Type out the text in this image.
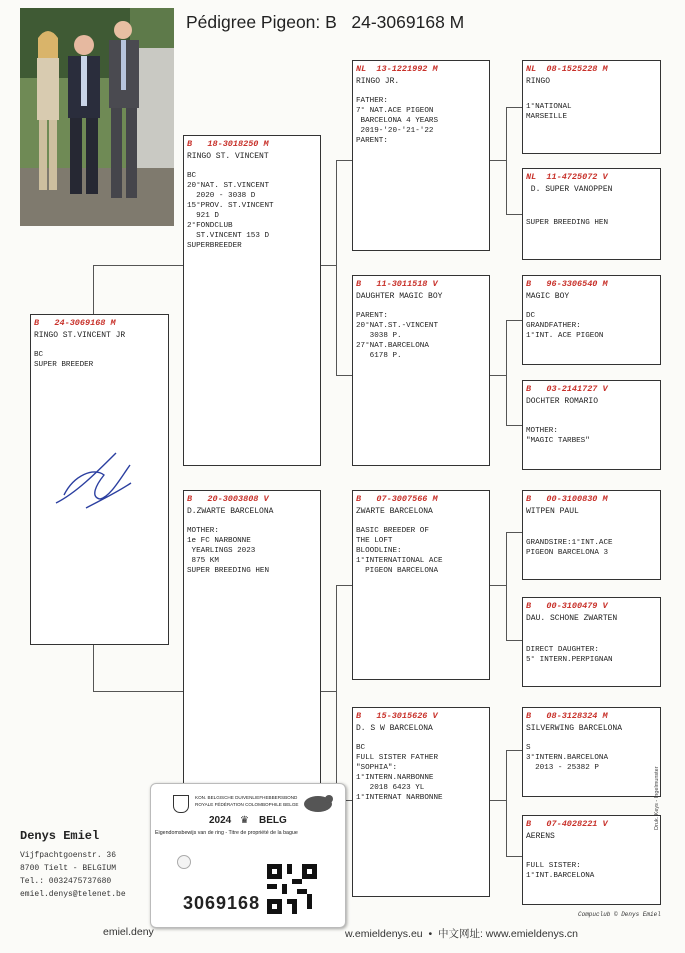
Pédigree Pigeon: B   24-3069168 M
B   24-3069168 M
RINGO ST.VINCENT JR
BC
SUPER BREEDER
B   18-3018250 M
RINGO ST. VINCENT
BC
20°NAT. ST.VINCENT
2020 - 3038 D
15°PROV. ST.VINCENT
921 D
2°FONDCLUB
ST.VINCENT 153 D
SUPERBREEDER
B   20-3003808 V
D.ZWARTE BARCELONA
MOTHER:
1e FC NARBONNE
YEARLINGS 2023
875 KM
SUPER BREEDING HEN
NL  13-1221992 M
RINGO JR.
FATHER:
7° NAT.ACE PIGEON
BARCELONA 4 YEARS
2019-'20-'21-'22
PARENT:
B   11-3011518 V
DAUGHTER MAGIC BOY
PARENT:
20°NAT.ST.-VINCENT
3038 P.
27°NAT.BARCELONA
6178 P.
B   07-3007566 M
ZWARTE BARCELONA
BASIC BREEDER OF
THE LOFT
BLOODLINE:
1°INTERNATIONAL ACE
PIGEON BARCELONA
B   15-3015626 V
D. S W BARCELONA
BC
FULL SISTER FATHER
"SOPHIA":
1°INTERN.NARBONNE
2018 6423 YL
1°INTERNAT NARBONNE
NL  08-1525228 M
RINGO
1°NATIONAL
MARSEILLE
NL  11-4725072 V
D. SUPER VANOPPEN
SUPER BREEDING HEN
B   96-3306540 M
MAGIC BOY
DC
GRANDFATHER:
1°INT. ACE PIGEON
B   03-2141727 V
DOCHTER ROMARIO
MOTHER:
"MAGIC TARBES"
B   00-3100830 M
WITPEN PAUL
GRANDSIRE:1°INT.ACE
PIGEON BARCELONA 3
B   00-3100479 V
DAU. SCHONE ZWARTEN
DIRECT DAUGHTER:
5° INTERN.PERPIGNAN
B   08-3128324 M
SILVERWING BARCELONA
S
3°INTERN.BARCELONA
2013 - 25382 P
B   07-4028221 V
AERENS
FULL SISTER:
1°INT.BARCELONA
Denys Emiel
Vijfpachtgoenstr. 36
8700 Tielt - BELGIUM
Tel.: 0032475737680
emiel.denys@telenet.be
KON. BELGISCHE DUIVENLIEFHEBBERSBOND
ROYALE FÉDÉRATION COLOMBOPHILE BELGE
2024 ♛ BELG
Eigendomsbewijs van de ring - Titre de propriété de la bague
3069168
Compuclub © Denys Emiel
Druk. Keys - Ingelmunster
emiel.deny	w.emieldenys.eu  •  中文网址: www.emieldenys.cn
